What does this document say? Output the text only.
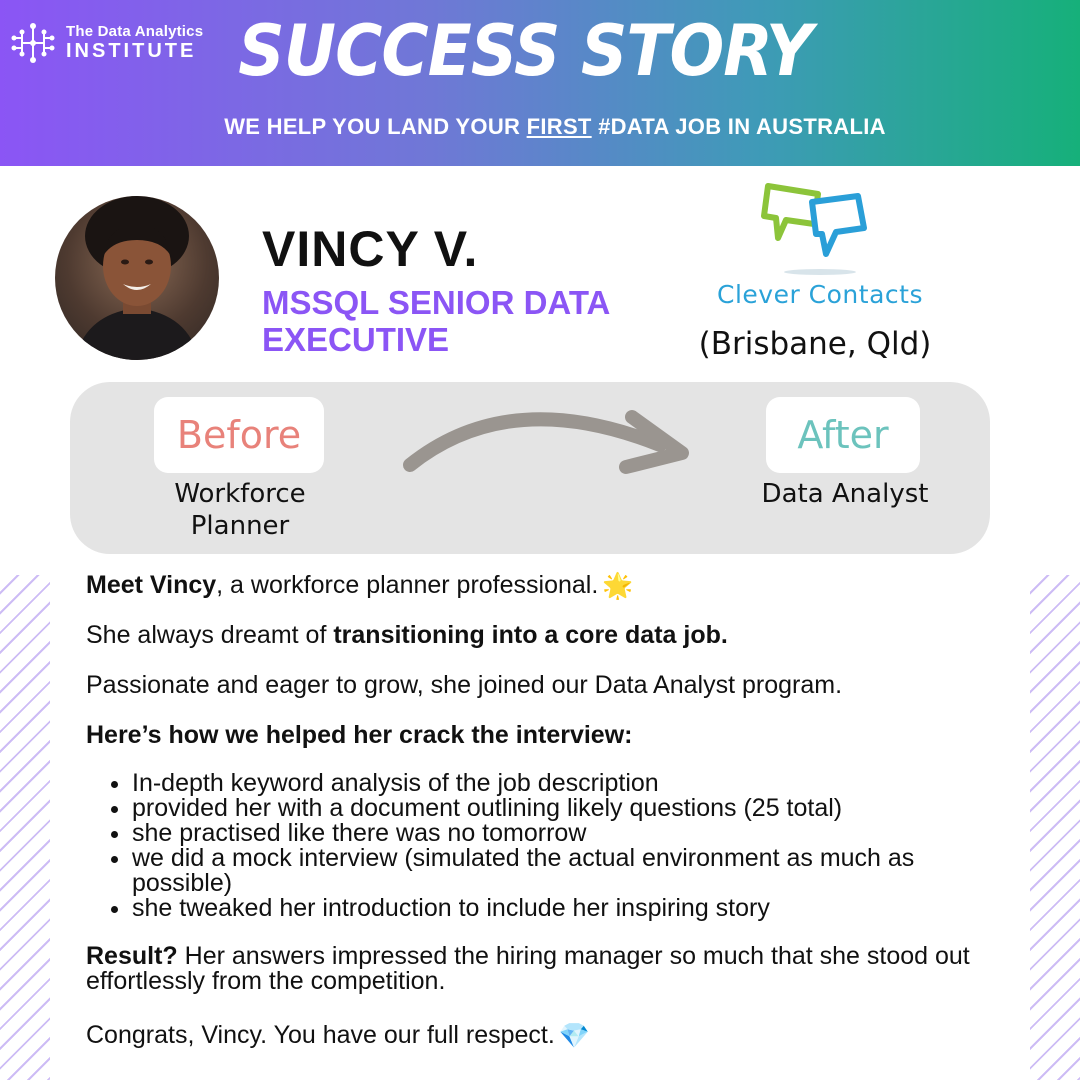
The Data Analytics
INSTITUTE SUCCESS STORY
WE HELP YOU LAND YOUR FIRST #DATA JOB IN AUSTRALIA
VINCY V.
MSSQL SENIOR DATA EXECUTIVE
Clever Contacts
(Brisbane, Qld)
Before
Workforce Planner
After
Data Analyst

Meet Vincy, a workforce planner professional. 🌟

She always dreamt of transitioning into a core data job.

Passionate and eager to grow, she joined our Data Analyst program.

Here’s how we helped her crack the interview:

• In-depth keyword analysis of the job description
• provided her with a document outlining likely questions (25 total)
• she practised like there was no tomorrow
• we did a mock interview (simulated the actual environment as much as possible)
• she tweaked her introduction to include her inspiring story

Result? Her answers impressed the hiring manager so much that she stood out effortlessly from the competition.

Congrats, Vincy. You have our full respect. 💎
